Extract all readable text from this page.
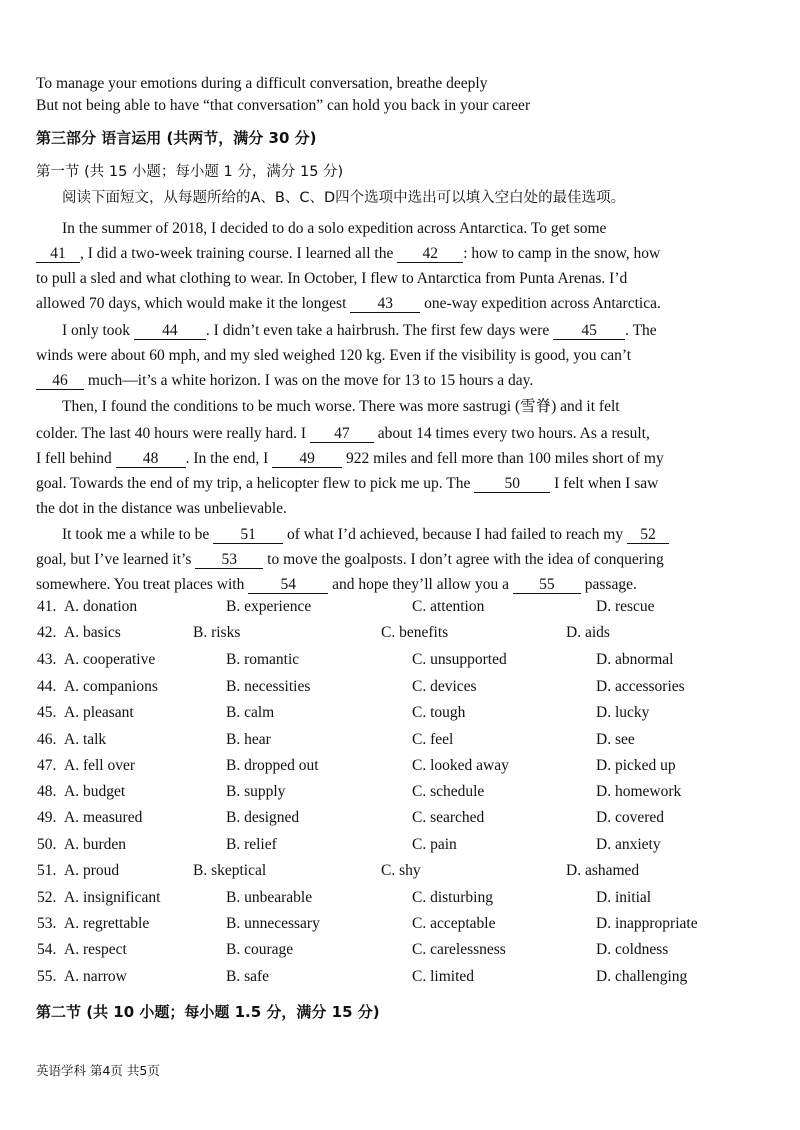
To manage your emotions during a difficult conversation, breathe deeply
But not being able to have “that conversation” can hold you back in your career
第三部分 语言运用 (共两节，满分 30 分)
第一节 (共 15 小题；每小题 1 分，满分 15 分)
阅读下面短文，从每题所给的A、B、C、D四个选项中选出可以填入空白处的最佳选项。
In the summer of 2018, I decided to do a solo expedition across Antarctica. To get some
41 , I did a two-week training course. I learned all the 42 : how to camp in the snow, how
to pull a sled and what clothing to wear. In October, I flew to Antarctica from Punta Arenas. I’d
allowed 70 days, which would make it the longest 43 one-way expedition across Antarctica.
I only took 44 . I didn’t even take a hairbrush. The first few days were 45 . The
winds were about 60 mph, and my sled weighed 120 kg. Even if the visibility is good, you can’t
46 much—it’s a white horizon. I was on the move for 13 to 15 hours a day.
Then, I found the conditions to be much worse. There was more sastrugi (雪脊) and it felt
colder. The last 40 hours were really hard. I 47 about 14 times every two hours. As a result,
I fell behind 48 . In the end, I 49 922 miles and fell more than 100 miles short of my
goal. Towards the end of my trip, a helicopter flew to pick me up. The 50 I felt when I saw
the dot in the distance was unbelievable.
It took me a while to be 51 of what I’d achieved, because I had failed to reach my 52
goal, but I’ve learned it’s 53 to move the goalposts. I don’t agree with the idea of conquering
somewhere. You treat places with 54 and hope they’ll allow you a 55 passage.
41. A. donation	B. experience	C. attention	D. rescue
42. A. basics	B. risks	C. benefits	D. aids
43. A. cooperative	B. romantic	C. unsupported	D. abnormal
44. A. companions	B. necessities	C. devices	D. accessories
45. A. pleasant	B. calm	C. tough	D. lucky
46. A. talk	B. hear	C. feel	D. see
47. A. fell over	B. dropped out	C. looked away	D. picked up
48. A. budget	B. supply	C. schedule	D. homework
49. A. measured	B. designed	C. searched	D. covered
50. A. burden	B. relief	C. pain	D. anxiety
51. A. proud	B. skeptical	C. shy	D. ashamed
52. A. insignificant	B. unbearable	C. disturbing	D. initial
53. A. regrettable	B. unnecessary	C. acceptable	D. inappropriate
54. A. respect	B. courage	C. carelessness	D. coldness
55. A. narrow	B. safe	C. limited	D. challenging
第二节 (共 10 小题；每小题 1.5 分，满分 15 分)
英语学科 第4页 共5页
